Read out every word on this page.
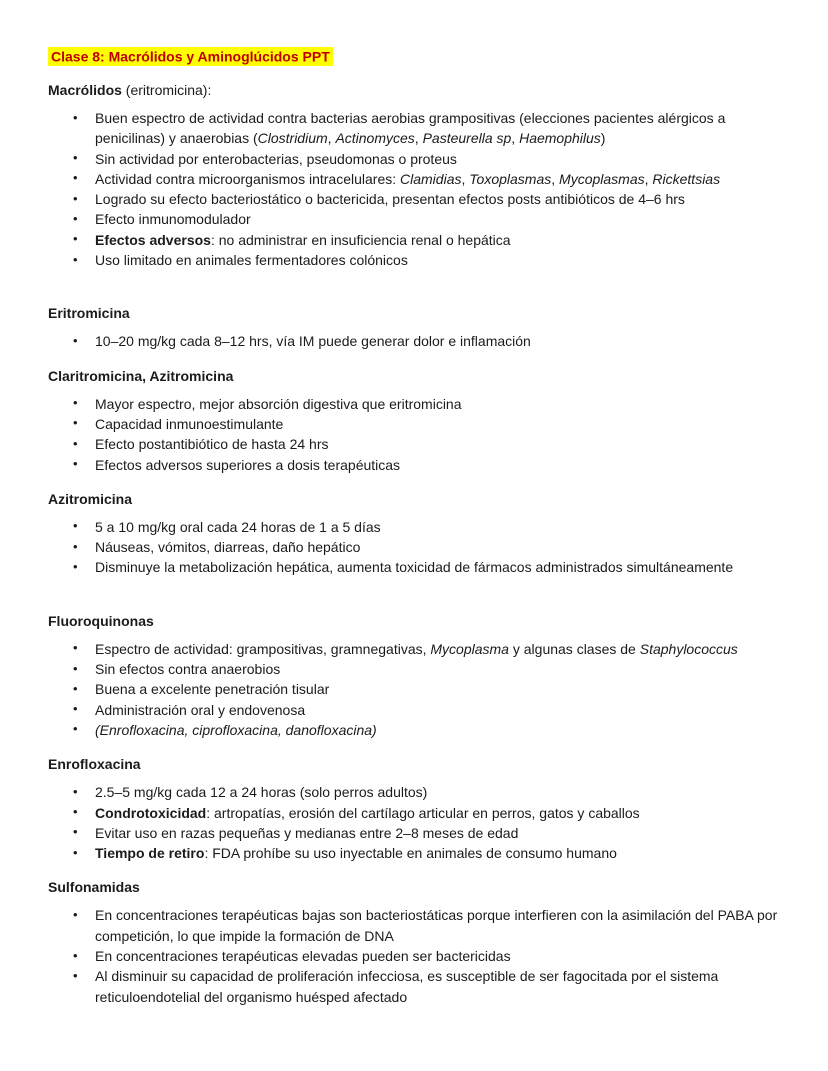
Clase 8: Macrólidos y Aminoglúcidos PPT
Macrólidos (eritromicina):
• Buen espectro de actividad contra bacterias aerobias grampositivas (elecciones pacientes alérgicos a penicilinas) y anaerobias (Clostridium, Actinomyces, Pasteurella sp, Haemophilus)
• Sin actividad por enterobacterias, pseudomonas o proteus
• Actividad contra microorganismos intracelulares: Clamidias, Toxoplasmas, Mycoplasmas, Rickettsias
• Logrado su efecto bacteriostático o bactericida, presentan efectos posts antibióticos de 4–6 hrs
• Efecto inmunomodulador
• Efectos adversos: no administrar en insuficiencia renal o hepática
• Uso limitado en animales fermentadores colónicos
Eritromicina
• 10–20 mg/kg cada 8–12 hrs, vía IM puede generar dolor e inflamación
Claritromicina, Azitromicina
• Mayor espectro, mejor absorción digestiva que eritromicina
• Capacidad inmunoestimulante
• Efecto postantibiótico de hasta 24 hrs
• Efectos adversos superiores a dosis terapéuticas
Azitromicina
• 5 a 10 mg/kg oral cada 24 horas de 1 a 5 días
• Náuseas, vómitos, diarreas, daño hepático
• Disminuye la metabolización hepática, aumenta toxicidad de fármacos administrados simultáneamente
Fluoroquinonas
• Espectro de actividad: grampositivas, gramnegativas, Mycoplasma y algunas clases de Staphylococcus
• Sin efectos contra anaerobios
• Buena a excelente penetración tisular
• Administración oral y endovenosa
• (Enrofloxacina, ciprofloxacina, danofloxacina)
Enrofloxacina
• 2.5–5 mg/kg cada 12 a 24 horas (solo perros adultos)
• Condrotoxicidad: artropatías, erosión del cartílago articular en perros, gatos y caballos
• Evitar uso en razas pequeñas y medianas entre 2–8 meses de edad
• Tiempo de retiro: FDA prohíbe su uso inyectable en animales de consumo humano
Sulfonamidas
• En concentraciones terapéuticas bajas son bacteriostáticas porque interfieren con la asimilación del PABA por competición, lo que impide la formación de DNA
• En concentraciones terapéuticas elevadas pueden ser bactericidas
• Al disminuir su capacidad de proliferación infecciosa, es susceptible de ser fagocitada por el sistema reticuloendotelial del organismo huésped afectado
